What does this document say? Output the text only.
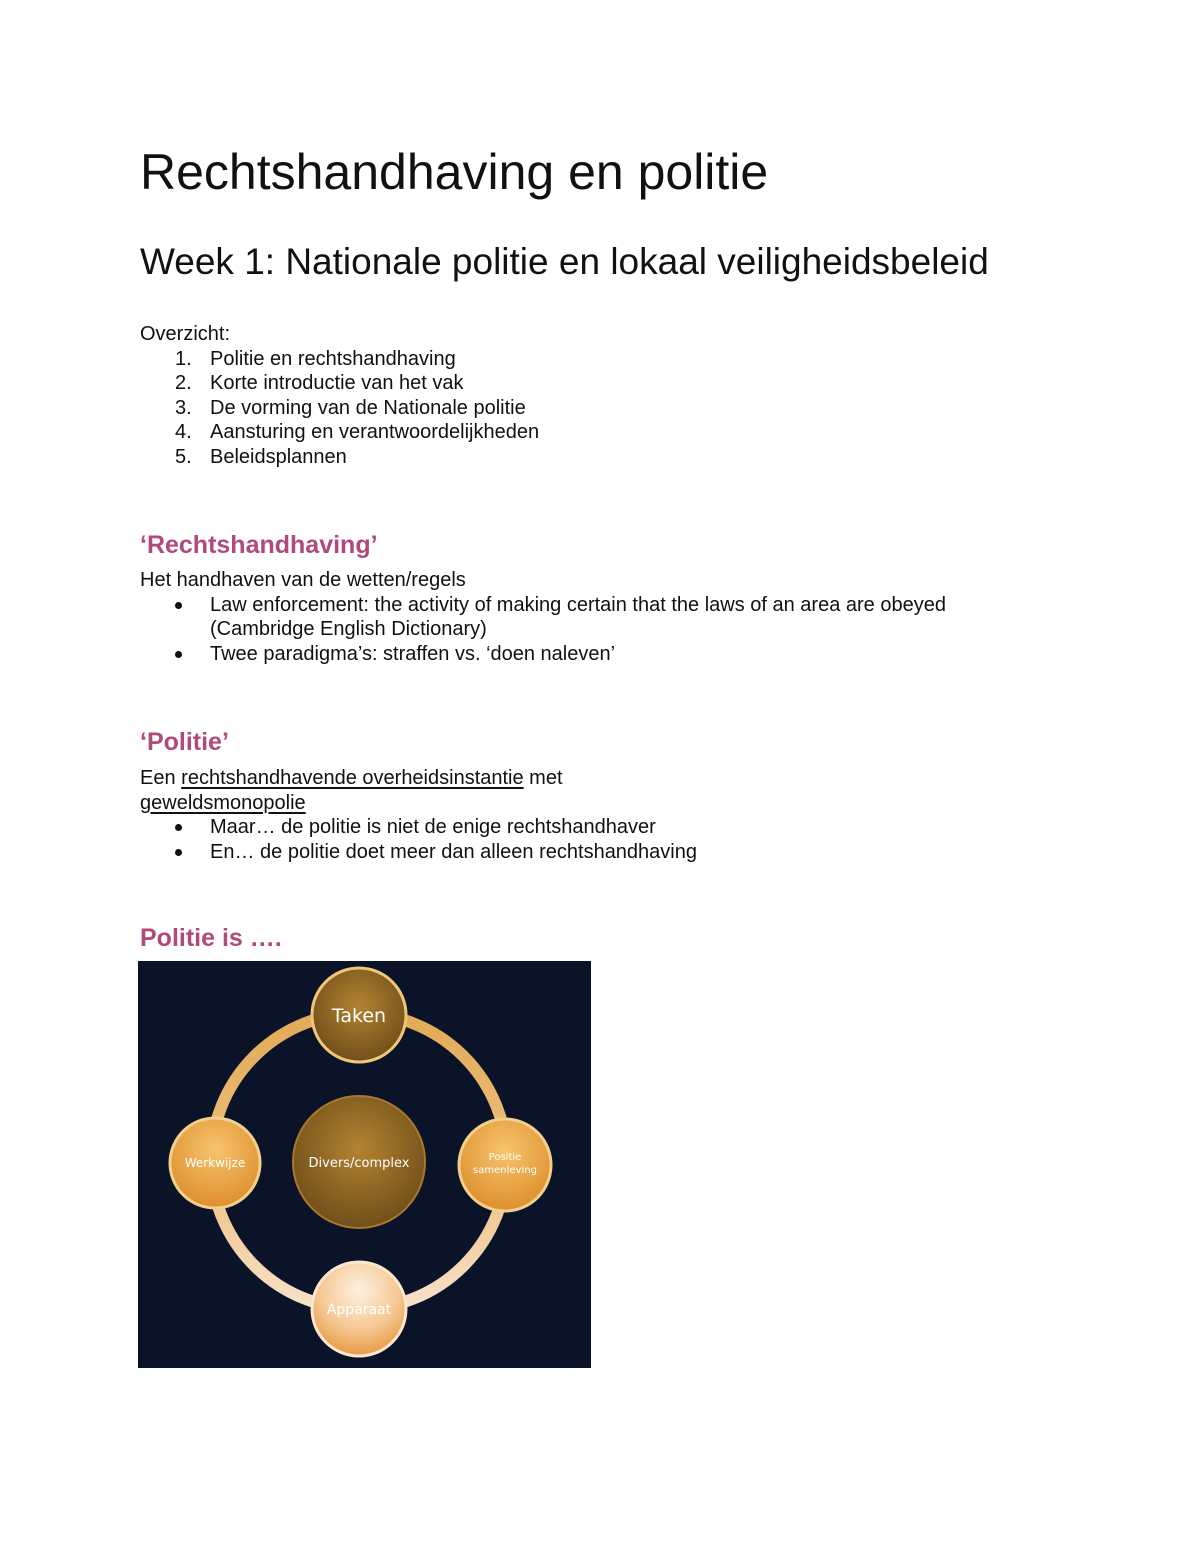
Rechtshandhaving en politie
Week 1: Nationale politie en lokaal veiligheidsbeleid
Overzicht:
1. Politie en rechtshandhaving
2. Korte introductie van het vak
3. De vorming van de Nationale politie
4. Aansturing en verantwoordelijkheden
5. Beleidsplannen
‘Rechtshandhaving’
Het handhaven van de wetten/regels
Law enforcement: the activity of making certain that the laws of an area are obeyed
(Cambridge English Dictionary)
Twee paradigma’s: straffen vs. ‘doen naleven’
‘Politie’
Een rechtshandhavende overheidsinstantie met
geweldsmonopolie
Maar… de politie is niet de enige rechtshandhaver
En… de politie doet meer dan alleen rechtshandhaving
Politie is ….
Divers/complex
Taken
Positie
samenleving
Apparaat
Werkwijze
